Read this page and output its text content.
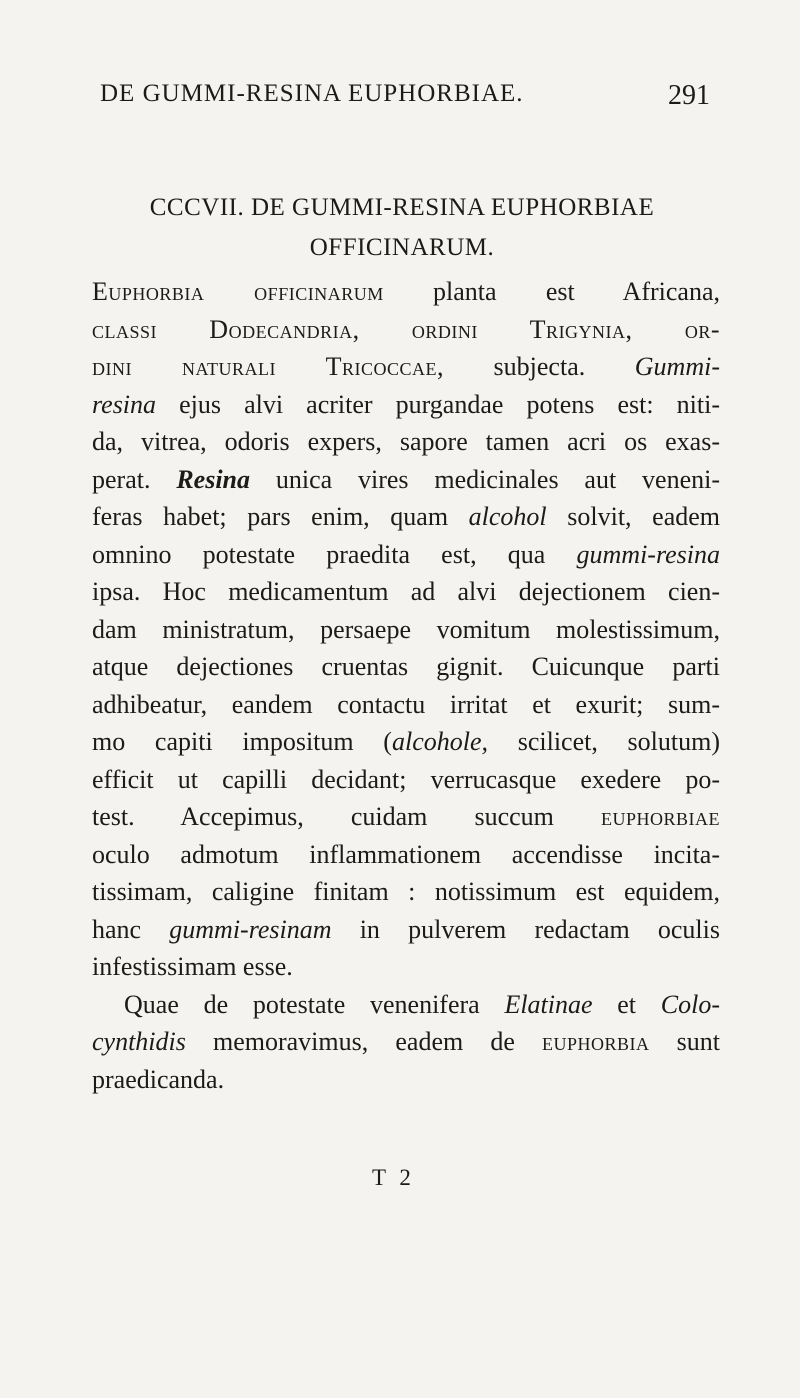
DE GUMMI-RESINA EUPHORBIAE.	291
CCCVII. DE GUMMI-RESINA EUPHORBIAE
OFFICINARUM.
Euphorbia officinarum planta est Africana,
classi Dodecandria, ordini Trigynia, or-
dini naturali Tricoccae, subjecta. Gummi-
resina ejus alvi acriter purgandae potens est: niti-
da, vitrea, odoris expers, sapore tamen acri os exas-
perat. Resina unica vires medicinales aut veneni-
feras habet; pars enim, quam alcohol solvit, eadem
omnino potestate praedita est, qua gummi-resina
ipsa. Hoc medicamentum ad alvi dejectionem cien-
dam ministratum, persaepe vomitum molestissimum,
atque dejectiones cruentas gignit. Cuicunque parti
adhibeatur, eandem contactu irritat et exurit; sum-
mo capiti impositum (alcohole, scilicet, solutum)
efficit ut capilli decidant; verrucasque exedere po-
test. Accepimus, cuidam succum euphorbiae
oculo admotum inflammationem accendisse incita-
tissimam, caligine finitam : notissimum est equidem,
hanc gummi-resinam in pulverem redactam oculis
infestissimam esse.
Quae de potestate venenifera Elatinae et Colo-
cynthidis memoravimus, eadem de euphorbia sunt
praedicanda.
T 2
